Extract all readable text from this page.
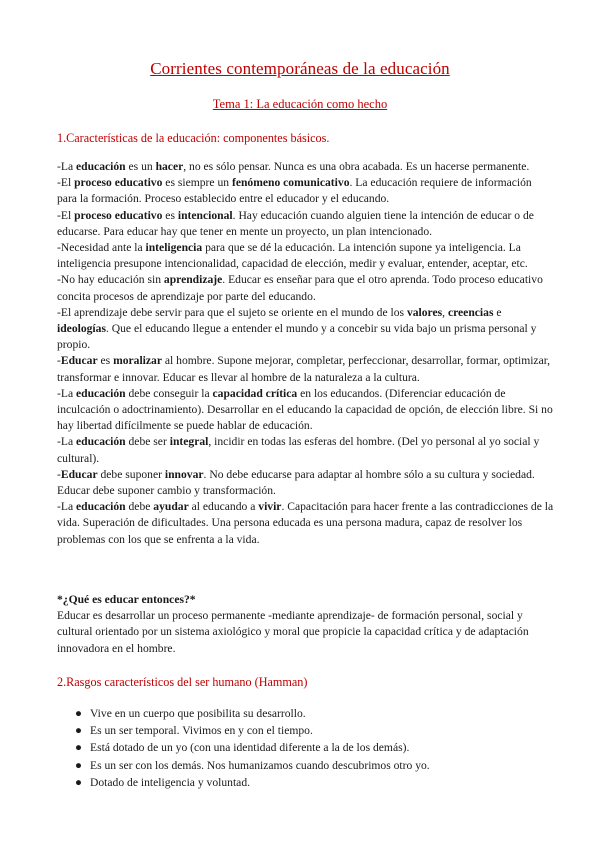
Corrientes contemporáneas de la educación
Tema 1: La educación como hecho
1.Características de la educación: componentes básicos.

-La educación es un hacer, no es sólo pensar. Nunca es una obra acabada. Es un hacerse permanente.

-El proceso educativo es siempre un fenómeno comunicativo. La educación requiere de información para la formación. Proceso establecido entre el educador y el educando.

-El proceso educativo es intencional. Hay educación cuando alguien tiene la intención de educar o de educarse. Para educar hay que tener en mente un proyecto, un plan intencionado.

-Necesidad ante la inteligencia para que se dé la educación. La intención supone ya inteligencia. La inteligencia presupone intencionalidad, capacidad de elección, medir y evaluar, entender, aceptar, etc.

-No hay educación sin aprendizaje. Educar es enseñar para que el otro aprenda. Todo proceso educativo concita procesos de aprendizaje por parte del educando.

-El aprendizaje debe servir para que el sujeto se oriente en el mundo de los valores, creencias e ideologías. Que el educando llegue a entender el mundo y a concebir su vida bajo un prisma personal y propio.

-Educar es moralizar al hombre. Supone mejorar, completar, perfeccionar, desarrollar, formar, optimizar, transformar e innovar. Educar es llevar al hombre de la naturaleza a la cultura.

-La educación debe conseguir la capacidad crítica en los educandos. (Diferenciar educación de inculcación o adoctrinamiento). Desarrollar en el educando la capacidad de opción, de elección libre. Si no hay libertad difícilmente se puede hablar de educación.

-La educación debe ser integral, incidir en todas las esferas del hombre. (Del yo personal al yo social y cultural).

-Educar debe suponer innovar. No debe educarse para adaptar al hombre sólo a su cultura y sociedad. Educar debe suponer cambio y transformación.

-La educación debe ayudar al educando a vivir. Capacitación para hacer frente a las contradicciones de la vida. Superación de dificultades. Una persona educada es una persona madura, capaz de resolver los problemas con los que se enfrenta a la vida.

*¿Qué es educar entonces?*

Educar es desarrollar un proceso permanente -mediante aprendizaje- de formación personal, social y cultural orientado por un sistema axiológico y moral que propicie la capacidad crítica y de adaptación innovadora en el hombre.

2.Rasgos característicos del ser humano (Hamman)
● Vive en un cuerpo que posibilita su desarrollo.
● Es un ser temporal. Vivimos en y con el tiempo.
● Está dotado de un yo (con una identidad diferente a la de los demás).
● Es un ser con los demás. Nos humanizamos cuando descubrimos otro yo.
● Dotado de inteligencia y voluntad.
